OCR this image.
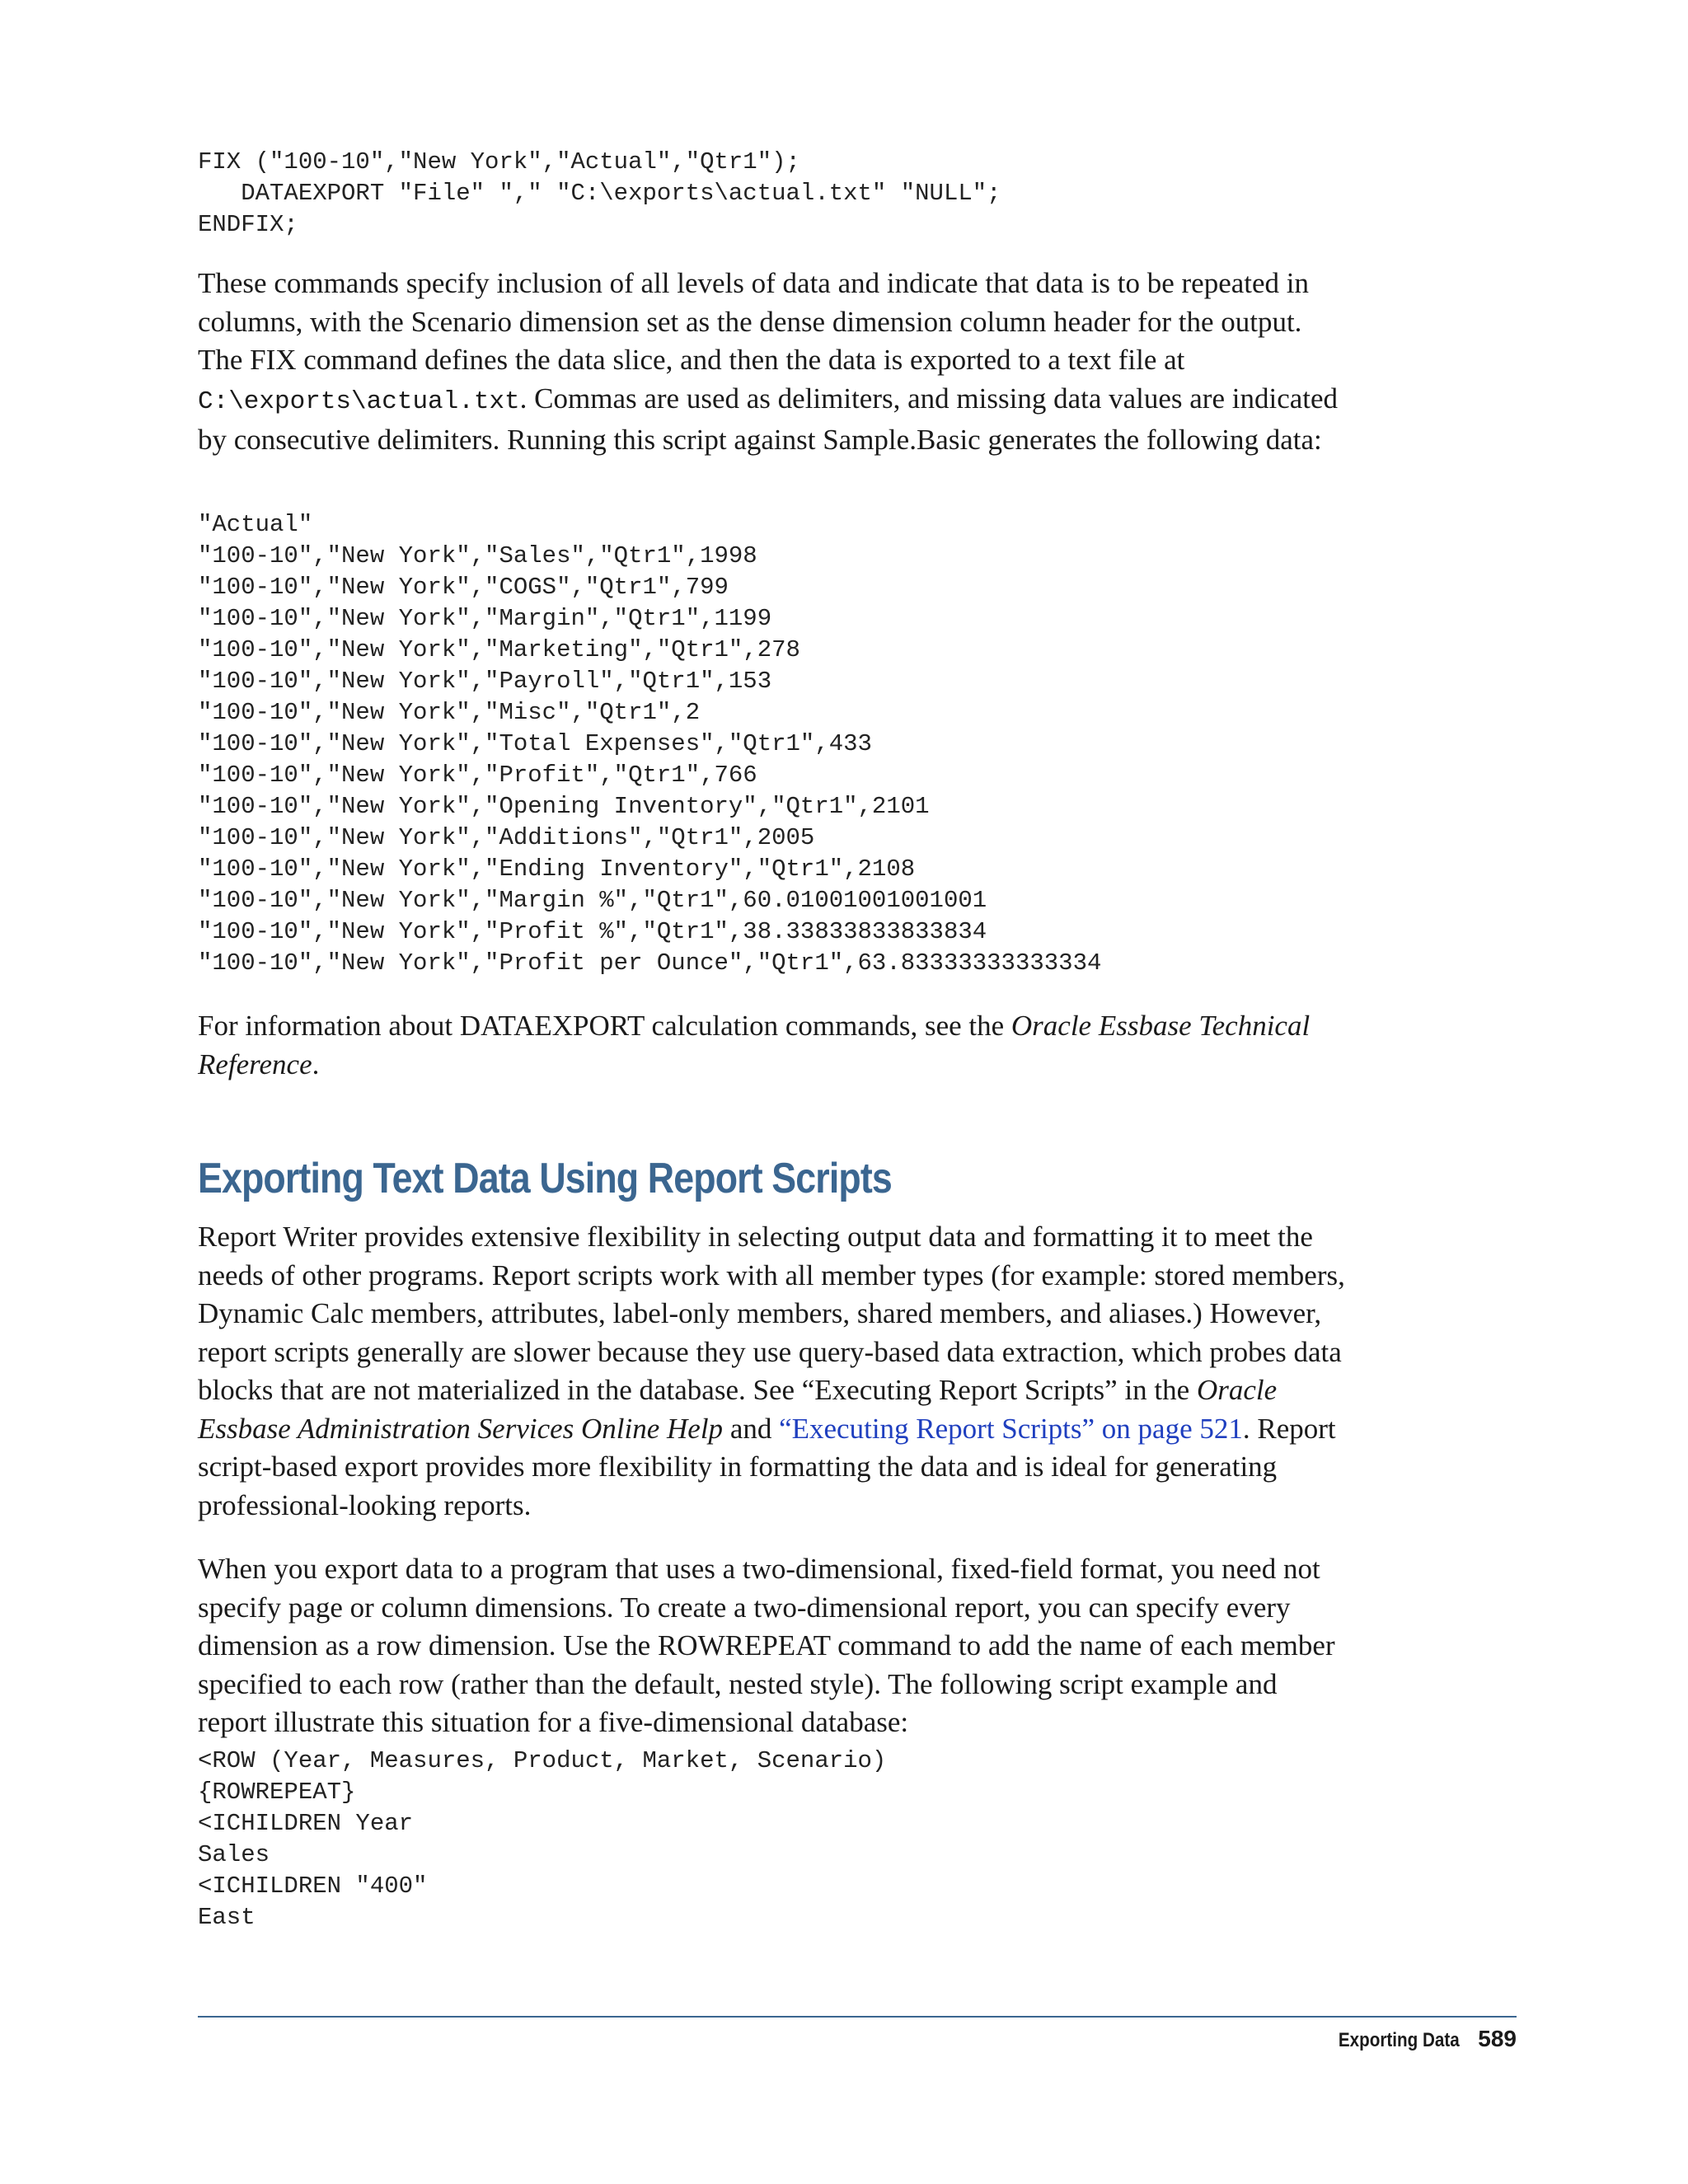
FIX ("100-10","New York","Actual","Qtr1");
DATAEXPORT "File" "," "C:\exports\actual.txt" "NULL";
ENDFIX;

These commands specify inclusion of all levels of data and indicate that data is to be repeated in columns, with the Scenario dimension set as the dense dimension column header for the output. The FIX command defines the data slice, and then the data is exported to a text file at C:\exports\actual.txt. Commas are used as delimiters, and missing data values are indicated by consecutive delimiters. Running this script against Sample.Basic generates the following data:

"Actual"
"100-10","New York","Sales","Qtr1",1998
"100-10","New York","COGS","Qtr1",799
"100-10","New York","Margin","Qtr1",1199
"100-10","New York","Marketing","Qtr1",278
"100-10","New York","Payroll","Qtr1",153
"100-10","New York","Misc","Qtr1",2
"100-10","New York","Total Expenses","Qtr1",433
"100-10","New York","Profit","Qtr1",766
"100-10","New York","Opening Inventory","Qtr1",2101
"100-10","New York","Additions","Qtr1",2005
"100-10","New York","Ending Inventory","Qtr1",2108
"100-10","New York","Margin %","Qtr1",60.01001001001001
"100-10","New York","Profit %","Qtr1",38.33833833833834
"100-10","New York","Profit per Ounce","Qtr1",63.83333333333334

For information about DATAEXPORT calculation commands, see the Oracle Essbase Technical Reference.

Exporting Text Data Using Report Scripts

Report Writer provides extensive flexibility in selecting output data and formatting it to meet the needs of other programs. Report scripts work with all member types (for example: stored members, Dynamic Calc members, attributes, label-only members, shared members, and aliases.) However, report scripts generally are slower because they use query-based data extraction, which probes data blocks that are not materialized in the database. See “Executing Report Scripts” in the Oracle Essbase Administration Services Online Help and “Executing Report Scripts” on page 521. Report script-based export provides more flexibility in formatting the data and is ideal for generating professional-looking reports.

When you export data to a program that uses a two-dimensional, fixed-field format, you need not specify page or column dimensions. To create a two-dimensional report, you can specify every dimension as a row dimension. Use the ROWREPEAT command to add the name of each member specified to each row (rather than the default, nested style). The following script example and report illustrate this situation for a five-dimensional database:

<ROW (Year, Measures, Product, Market, Scenario)
{ROWREPEAT}
<ICHILDREN Year
Sales
<ICHILDREN "400"
East
Exporting Data 589
